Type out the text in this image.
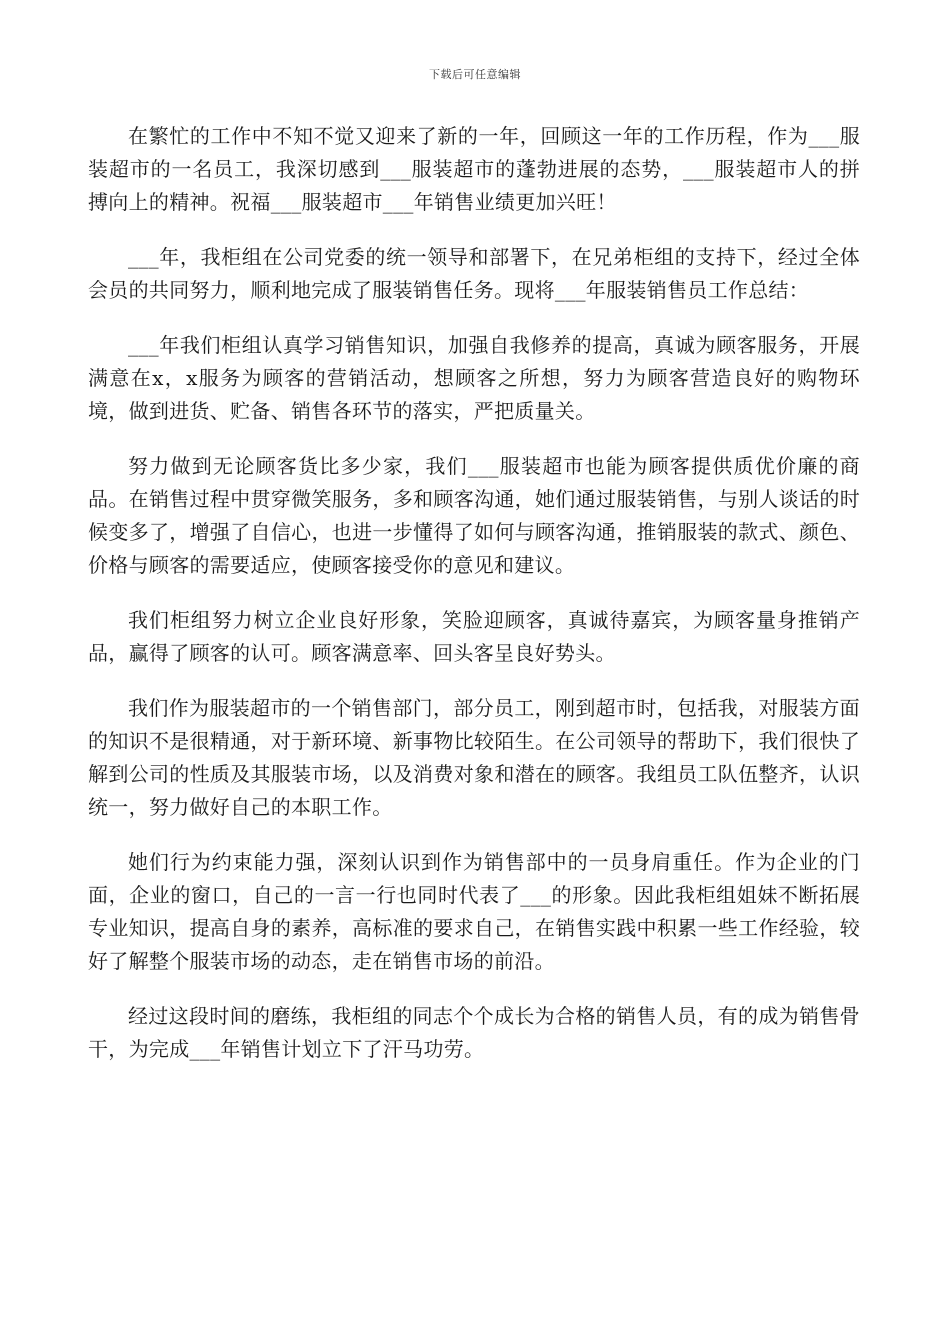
下载后可任意编辑

在繁忙的工作中不知不觉又迎来了新的一年，回顾这一年的工作历程，作为___服装超市的一名员工，我深切感到___服装超市的蓬勃进展的态势，___服装超市人的拼搏向上的精神。祝福___服装超市___年销售业绩更加兴旺！

___年，我柜组在公司党委的统一领导和部署下，在兄弟柜组的支持下，经过全体会员的共同努力，顺利地完成了服装销售任务。现将___年服装销售员工作总结：

___年我们柜组认真学习销售知识，加强自我修养的提高，真诚为顾客服务，开展满意在x，x服务为顾客的营销活动，想顾客之所想，努力为顾客营造良好的购物环境，做到进货、贮备、销售各环节的落实，严把质量关。

努力做到无论顾客货比多少家，我们___服装超市也能为顾客提供质优价廉的商品。在销售过程中贯穿微笑服务，多和顾客沟通，她们通过服装销售，与别人谈话的时候变多了，增强了自信心，也进一步懂得了如何与顾客沟通，推销服装的款式、颜色、价格与顾客的需要适应，使顾客接受你的意见和建议。

我们柜组努力树立企业良好形象，笑脸迎顾客，真诚待嘉宾，为顾客量身推销产品，赢得了顾客的认可。顾客满意率、回头客呈良好势头。

我们作为服装超市的一个销售部门，部分员工，刚到超市时，包括我，对服装方面的知识不是很精通，对于新环境、新事物比较陌生。在公司领导的帮助下，我们很快了解到公司的性质及其服装市场，以及消费对象和潜在的顾客。我组员工队伍整齐，认识统一，努力做好自己的本职工作。

她们行为约束能力强，深刻认识到作为销售部中的一员身肩重任。作为企业的门面，企业的窗口，自己的一言一行也同时代表了___的形象。因此我柜组姐妹不断拓展专业知识，提高自身的素养，高标准的要求自己，在销售实践中积累一些工作经验，较好了解整个服装市场的动态，走在销售市场的前沿。

经过这段时间的磨练，我柜组的同志个个成长为合格的销售人员，有的成为销售骨干，为完成___年销售计划立下了汗马功劳。
